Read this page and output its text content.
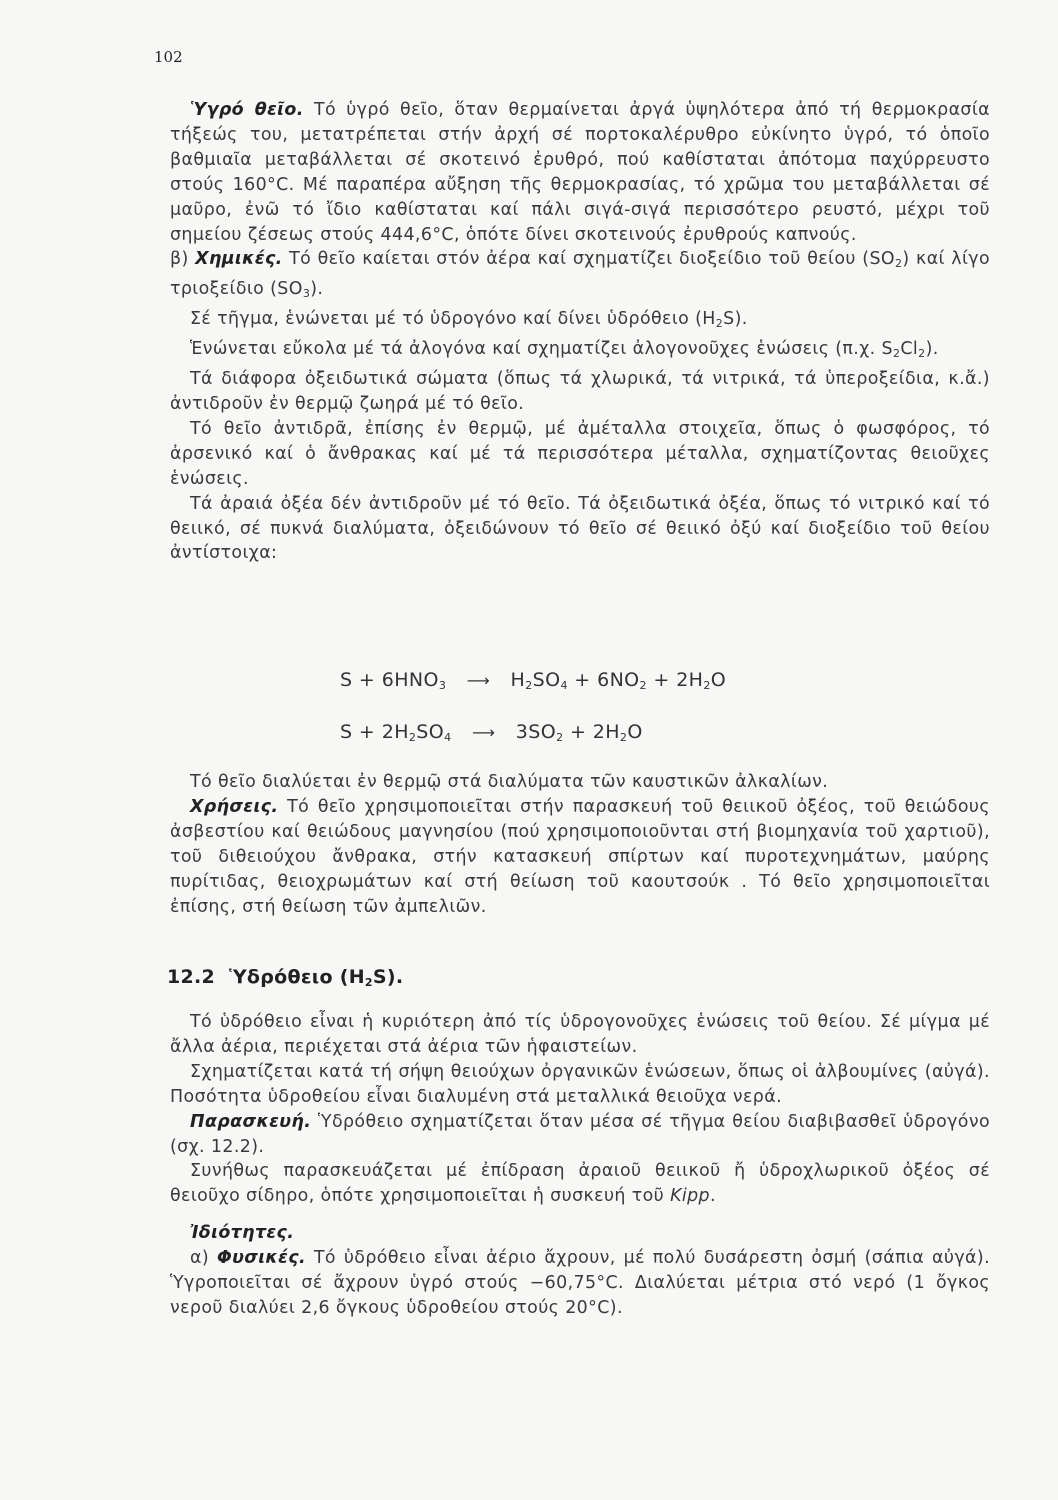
102

Ὑγρό θεῖο. Τό ὑγρό θεῖο, ὅταν θερμαίνεται ἀργά ὑψηλότερα ἀπό τή θερμοκρασία τήξεώς του, μετατρέπεται στήν ἀρχή σέ πορτοκαλέρυθρο εὐκίνητο ὑγρό, τό ὁποῖο βαθμιαῖα μεταβάλλεται σέ σκοτεινό ἐρυθρό, πού καθίσταται ἀπότομα παχύρρευστο στούς 160°C. Μέ παραπέρα αὔξηση τῆς θερμοκρασίας, τό χρῶμα του μεταβάλλεται σέ μαῦρο, ἐνῶ τό ἴδιο καθίσταται καί πάλι σιγά-σιγά περισσότερο ρευστό, μέχρι τοῦ σημείου ζέσεως στούς 444,6°C, ὁπότε δίνει σκοτεινούς ἐρυθρούς καπνούς.

β) Χημικές. Τό θεῖο καίεται στόν ἀέρα καί σχηματίζει διοξείδιο τοῦ θείου $(SO_2)$ καί λίγο τριοξείδιο $(SO_3)$.

Σέ τῆγμα, ἑνώνεται μέ τό ὑδρογόνο καί δίνει ὑδρόθειο $(H_2S)$.

Ἑνώνεται εὔκολα μέ τά ἀλογόνα καί σχηματίζει ἀλογονοῦχες ἑνώσεις (π.χ. $S_2Cl_2$).

Τά διάφορα ὀξειδωτικά σώματα (ὅπως τά χλωρικά, τά νιτρικά, τά ὑπεροξείδια, κ.ἄ.) ἀντιδροῦν ἐν θερμῷ ζωηρά μέ τό θεῖο.

Τό θεῖο ἀντιδρᾶ, ἐπίσης ἐν θερμῷ, μέ ἀμέταλλα στοιχεῖα, ὅπως ὁ φωσφόρος, τό ἀρσενικό καί ὁ ἄνθρακας καί μέ τά περισσότερα μέταλλα, σχηματίζοντας θειοῦχες ἑνώσεις.

Τά ἀραιά ὀξέα δέν ἀντιδροῦν μέ τό θεῖο. Τά ὀξειδωτικά ὀξέα, ὅπως τό νιτρικό καί τό θειικό, σέ πυκνά διαλύματα, ὀξειδώνουν τό θεῖο σέ θειικό ὀξύ καί διοξείδιο τοῦ θείου ἀντίστοιχα:

$S + 6HNO_3$ ⟶ $H_2SO_4 + 6NO_2 + 2H_2O$
$S + 2H_2SO_4$ ⟶ $3SO_2 + 2H_2O$

Τό θεῖο διαλύεται ἐν θερμῷ στά διαλύματα τῶν καυστικῶν ἀλκαλίων.

Χρήσεις. Τό θεῖο χρησιμοποιεῖται στήν παρασκευή τοῦ θειικοῦ ὀξέος, τοῦ θειώδους ἀσβεστίου καί θειώδους μαγνησίου (πού χρησιμοποιοῦνται στή βιομηχανία τοῦ χαρτιοῦ), τοῦ διθειούχου ἄνθρακα, στήν κατασκευή σπίρτων καί πυροτεχνημάτων, μαύρης πυρίτιδας, θειοχρωμάτων καί στή θείωση τοῦ καουτσούκ . Τό θεῖο χρησιμοποιεῖται ἐπίσης, στή θείωση τῶν ἀμπελιῶν.

12.2 Ὑδρόθειο $(H_2S)$.

Τό ὑδρόθειο εἶναι ἡ κυριότερη ἀπό τίς ὑδρογονοῦχες ἑνώσεις τοῦ θείου. Σέ μίγμα μέ ἄλλα ἀέρια, περιέχεται στά ἀέρια τῶν ἡφαιστείων.

Σχηματίζεται κατά τή σήψη θειούχων ὀργανικῶν ἑνώσεων, ὅπως οἱ ἀλβουμίνες (αὐγά). Ποσότητα ὑδροθείου εἶναι διαλυμένη στά μεταλλικά θειοῦχα νερά.

Παρασκευή. Ὑδρόθειο σχηματίζεται ὅταν μέσα σέ τῆγμα θείου διαβιβασθεῖ ὑδρογόνο (σχ. 12.2).

Συνήθως παρασκευάζεται μέ ἐπίδραση ἀραιοῦ θειικοῦ ἤ ὑδροχλωρικοῦ ὀξέος σέ θειοῦχο σίδηρο, ὁπότε χρησιμοποιεῖται ἡ συσκευή τοῦ Kipp.

Ἰδιότητες.

α) Φυσικές. Τό ὑδρόθειο εἶναι ἀέριο ἄχρουν, μέ πολύ δυσάρεστη ὀσμή (σάπια αὐγά). Ὑγροποιεῖται σέ ἄχρουν ὑγρό στούς −60,75°C. Διαλύεται μέτρια στό νερό (1 ὄγκος νεροῦ διαλύει 2,6 ὄγκους ὑδροθείου στούς 20°C).
